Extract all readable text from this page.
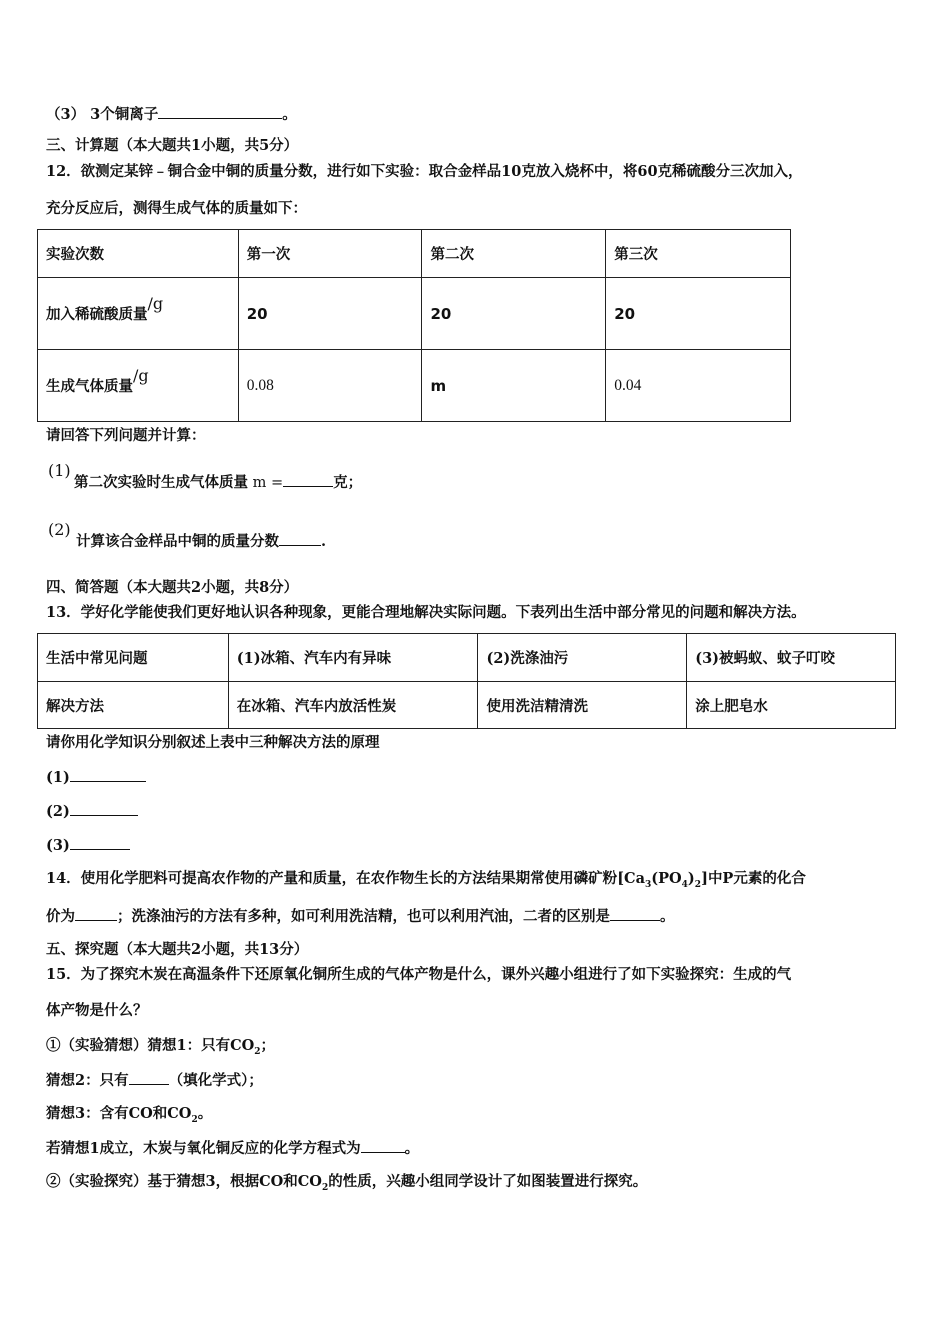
（3） 3个铜离子	。
三、计算题（本大题共1小题，共5分）
12．欲测定某锌﹣铜合金中铜的质量分数，进行如下实验：取合金样品10克放入烧杯中，将60克稀硫酸分三次加入，
充分反应后，测得生成气体的质量如下：
实验次数	第一次	第二次	第三次
加入稀硫酸质量/g	20	20	20
生成气体质量/g	0.08	m	0.04
请回答下列问题并计算：
(1)
第二次实验时生成气体质量 m =	克；
(2)
计算该合金样品中铜的质量分数	.
四、简答题（本大题共2小题，共8分）
13．学好化学能使我们更好地认识各种现象，更能合理地解决实际问题。下表列出生活中部分常见的问题和解决方法。
生活中常见问题	(1)冰箱、汽车内有异味	(2)洗涤油污	(3)被蚂蚁、蚊子叮咬
解决方法	在冰箱、汽车内放活性炭	使用洗洁精清洗	涂上肥皂水
请你用化学知识分别叙述上表中三种解决方法的原理
(1)
(2)
(3)
14．使用化学肥料可提高农作物的产量和质量，在农作物生长的方法结果期常使用磷矿粉$[Ca_3(PO_4)_2]$中P元素的化合
价为	；洗涤油污的方法有多种，如可利用洗洁精，也可以利用汽油，二者的区别是	。
五、探究题（本大题共2小题，共13分）
15．为了探究木炭在高温条件下还原氧化铜所生成的气体产物是什么，课外兴趣小组进行了如下实验探究：生成的气
体产物是什么？
①（实验猜想）猜想1：只有$CO_2$；
猜想2：只有	（填化学式）；
猜想3：含有CO和$CO_2$。
若猜想1成立，木炭与氧化铜反应的化学方程式为	。
②（实验探究）基于猜想3，根据CO和$CO_2$的性质，兴趣小组同学设计了如图装置进行探究。
